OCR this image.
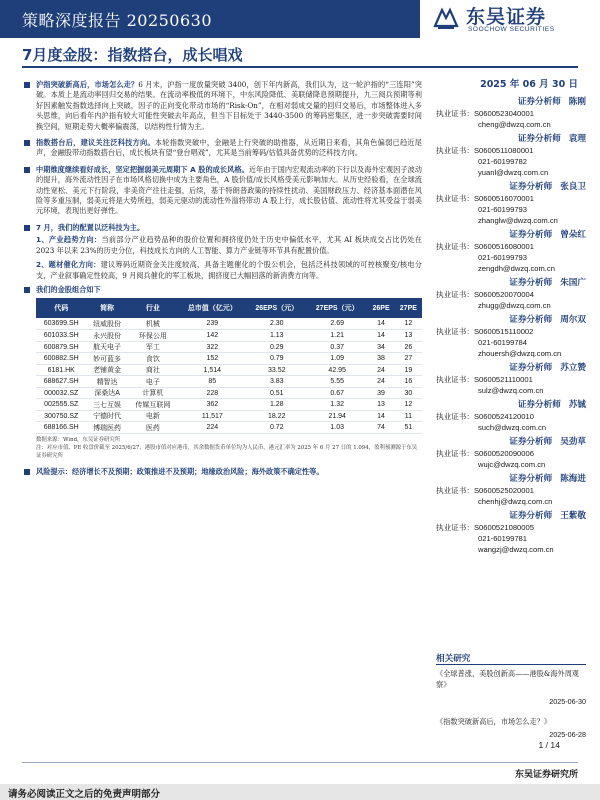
策略深度报告 20250630	东吴证券
SOOCHOW SECURITIES
7月度金股：指数搭台，成长唱戏
2025 年 06 月 30 日
沪指突破新高后，市场怎么走？6 月末，沪指一度放量突破 3400，创下年内新高，我们认为，这一轮沪指的“三连阳”突破。本质上是流动率回归交易的结果。在流动率极低的环境下，中东风险降低、美联储降息预期提升，九三阅兵预期等利好因素触发指数选择向上突破，因子的正向变化带动市场的“Risk-On”，在相对弱成交量的回归交易后，市场整体进入多头思维，向后看年内沪指有较大可能性突破去年高点，但当下目标处于 3440-3500 的筹码密集区，进一步突破需要时间换空间，短期走势大概率偏震荡，以结构性行情为主。
指数搭台后，建议关注泛科技方向。本轮指数突破中，金融是上行突破的助推器，从近期日来看，其角色偏弱已趋近尾声，金融股带动指数搭台后，成长板块有望“登台唱戏”，尤其是当前筹码/估值具备优势的泛科技方向。
中期维度继续看好成长，坚定把握弱美元周期下 A 股的成长风格。近年由于国内宏观流动率的下行以及海外宏观因子波动的提升，海外流动性因子在市场风格切换中成为主要角色，A 股价值/成长风格受美元影响加大。从历史经验看，在全球流动性宽松、美元下行阶段，非美资产往往走强，后续，基于特朗普政策的持续性扰动、美国财政压力、经济基本面潜在风险等多重压制，弱美元将是大势所趋，弱美元驱动的流动性外溢将带动 A 股上行，成长股估值、流动性将尤其受益于弱美元环境，表现出更好弹性。
7 月，我们的配置以泛科技为主。
1、产业趋势方向：当前部分产业趋势品种的股价位置和拥挤度仍处于历史中偏低水平，尤其 AI 板块成交占比仍处在 2023 年以来 23%的历史分位，科技成长方向的人工智能、算力产业链等环节具有配置价值。
2、题材催化方向：建议筹码近期资金关注度较高、具备主题催化的个股公机会，包括泛科技领域的可控核聚变/核电分支，产业叙事确定性较高，9 月阅兵催化的军工板块，拥挤度已大幅回落的新消费方向等。
我们的金股组合如下
代码	简称	行业	总市值（亿元）	26EPS（元）	27EPS（元）	26PE	27PE
603699.SH	纽威股份	机械	239	2.30	2.69	14	12
601033.SH	永兴股份	环保公用	142	1.13	1.21	14	13
600879.SH	航天电子	军工	322	0.29	0.37	34	26
600882.SH	妙可蓝多	食饮	152	0.79	1.09	38	27
6181.HK	老铺黄金	商社	1,514	33.52	42.95	24	19
688627.SH	精智达	电子	85	3.83	5.55	24	16
000032.SZ	深桑达A	计算机	228	0.51	0.67	39	30
002555.SZ	三七互娱	传媒互联网	362	1.28	1.32	13	12
300750.SZ	宁德时代	电新	11,517	18.22	21.94	14	11
688166.SH	博瑞医药	医药	224	0.72	1.03	74	51
数据来源：Wind，东吴证券研究所
注：对应市值、PE 收盘价截至 2025/6/27，港股市值对应港币，其余数据货币单位均为人民币，港元汇率为 2025 年 6 月 27 日的 1.094，盈利预测源于东吴证券研究所
风险提示：经济增长不及预期；政策推进不及预期；地缘政治风险；海外政策不确定性等。
证券分析师 陈刚
执业证书：S0600523040001
cheng@dwzq.com.cn
证券分析师 袁理
执业证书：S0600511080001
021-60199782
yuanl@dwzq.com.cn
证券分析师 张良卫
执业证书：S0600516070001
021-60199793
zhanglw@dwzq.com.cn
证券分析师 曾朵红
执业证书：S0600516080001
021-60199793
zengdh@dwzq.com.cn
证券分析师 朱国广
执业证书：S0600520070004
zhugg@dwzq.com.cn
证券分析师 周尔双
执业证书：S0600515110002
021-60199784
zhouersh@dwzq.com.cn
证券分析师 苏立赞
执业证书：S0600521110001
sulz@dwzq.com.cn
证券分析师 苏铖
执业证书：S0600524120010
such@dwzq.com.cn
证券分析师 吴劲草
执业证书：S0600520090006
wujc@dwzq.com.cn
证券分析师 陈海进
执业证书：S0600525020001
chenhj@dwzq.com.cn
证券分析师 王紫敬
执业证书：S0600521080005
021-60199781
wangzj@dwzq.com.cn
相关研究
《全球普涨，美股创新高——港股&海外周观察》
2025-06-30
《指数突破新高后，市场怎么走？》
2025-06-28
1 / 14
东吴证券研究所
请务必阅读正文之后的免责声明部分
